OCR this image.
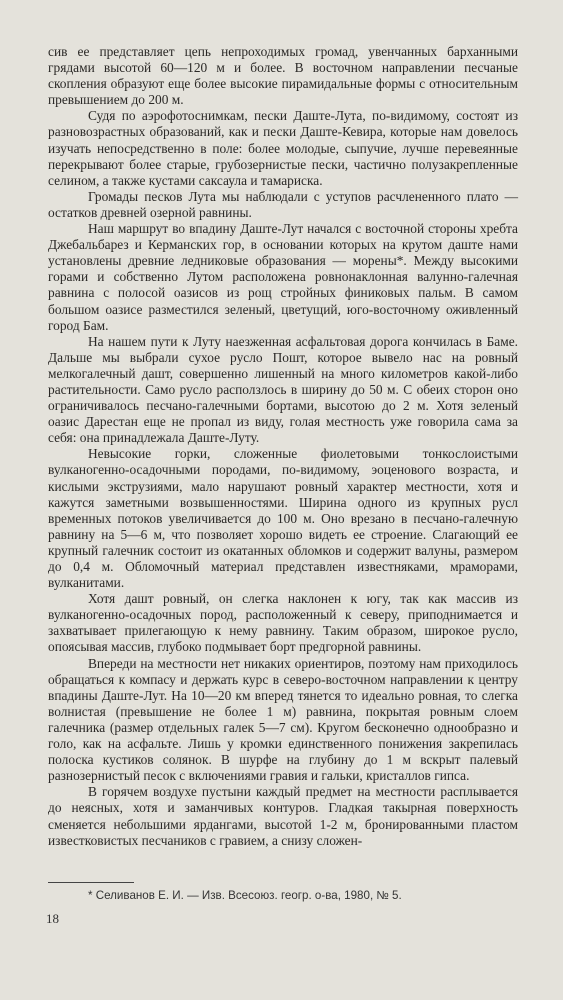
сив ее представляет цепь непроходимых громад, увенчанных барханными грядами высотой 60—120 м и более. В восточном направлении песчаные скопления образуют еще более высокие пирамидальные формы с относительным превышением до 200 м.

Судя по аэрофотоснимкам, пески Даште-Лута, по-видимому, состоят из разновозрастных образований, как и пески Даште-Кевира, которые нам довелось изучать непосредственно в поле: более молодые, сыпучие, лучше перевеянные перекрывают более старые, грубозернистые пески, частично полузакрепленные селином, а также кустами саксаула и тамариска.

Громады песков Лута мы наблюдали с уступов расчлененного плато — остатков древней озерной равнины.

Наш маршрут во впадину Даште-Лут начался с восточной стороны хребта Джебальбарез и Керманских гор, в основании которых на крутом даште нами установлены древние ледниковые образования — морены*. Между высокими горами и собственно Лутом расположена ровнонаклонная валунно-галечная равнина с полосой оазисов из рощ стройных финиковых пальм. В самом большом оазисе разместился зеленый, цветущий, юго-восточному оживленный город Бам.

На нашем пути к Луту наезженная асфальтовая дорога кончилась в Баме. Дальше мы выбрали сухое русло Пошт, которое вывело нас на ровный мелкогалечный дашт, совершенно лишенный на много километров какой-либо растительности. Само русло расползлось в ширину до 50 м. С обеих сторон оно ограничивалось песчано-галечными бортами, высотою до 2 м. Хотя зеленый оазис Дарестан еще не пропал из виду, голая местность уже говорила сама за себя: она принадлежала Даште-Луту.

Невысокие горки, сложенные фиолетовыми тонкослоистыми вулканогенно-осадочными породами, по-видимому, эоценового возраста, и кислыми экструзиями, мало нарушают ровный характер местности, хотя и кажутся заметными возвышенностями. Ширина одного из крупных русл временных потоков увеличивается до 100 м. Оно врезано в песчано-галечную равнину на 5—6 м, что позволяет хорошо видеть ее строение. Слагающий ее крупный галечник состоит из окатанных обломков и содержит валуны, размером до 0,4 м. Обломочный материал представлен известняками, мраморами, вулканитами.

Хотя дашт ровный, он слегка наклонен к югу, так как массив из вулканогенно-осадочных пород, расположенный к северу, приподнимается и захватывает прилегающую к нему равнину. Таким образом, широкое русло, опоясывая массив, глубоко подмывает борт предгорной равнины.

Впереди на местности нет никаких ориентиров, поэтому нам приходилось обращаться к компасу и держать курс в северо-восточном направлении к центру впадины Даште-Лут. На 10—20 км вперед тянется то идеально ровная, то слегка волнистая (превышение не более 1 м) равнина, покрытая ровным слоем галечника (размер отдельных галек 5—7 см). Кругом бесконечно однообразно и голо, как на асфальте. Лишь у кромки единственного понижения закрепилась полоска кустиков солянок. В шурфе на глубину до 1 м вскрыт палевый разнозернистый песок с включениями гравия и гальки, кристаллов гипса.

В горячем воздухе пустыни каждый предмет на местности расплывается до неясных, хотя и заманчивых контуров. Гладкая такырная поверхность сменяется небольшими ярдангами, высотой 1-2 м, бронированными пластом известковистых песчаников с гравием, а снизу сложен-

* Селиванов Е. И. — Изв. Всесоюз. геогр. о-ва, 1980, № 5.
18
